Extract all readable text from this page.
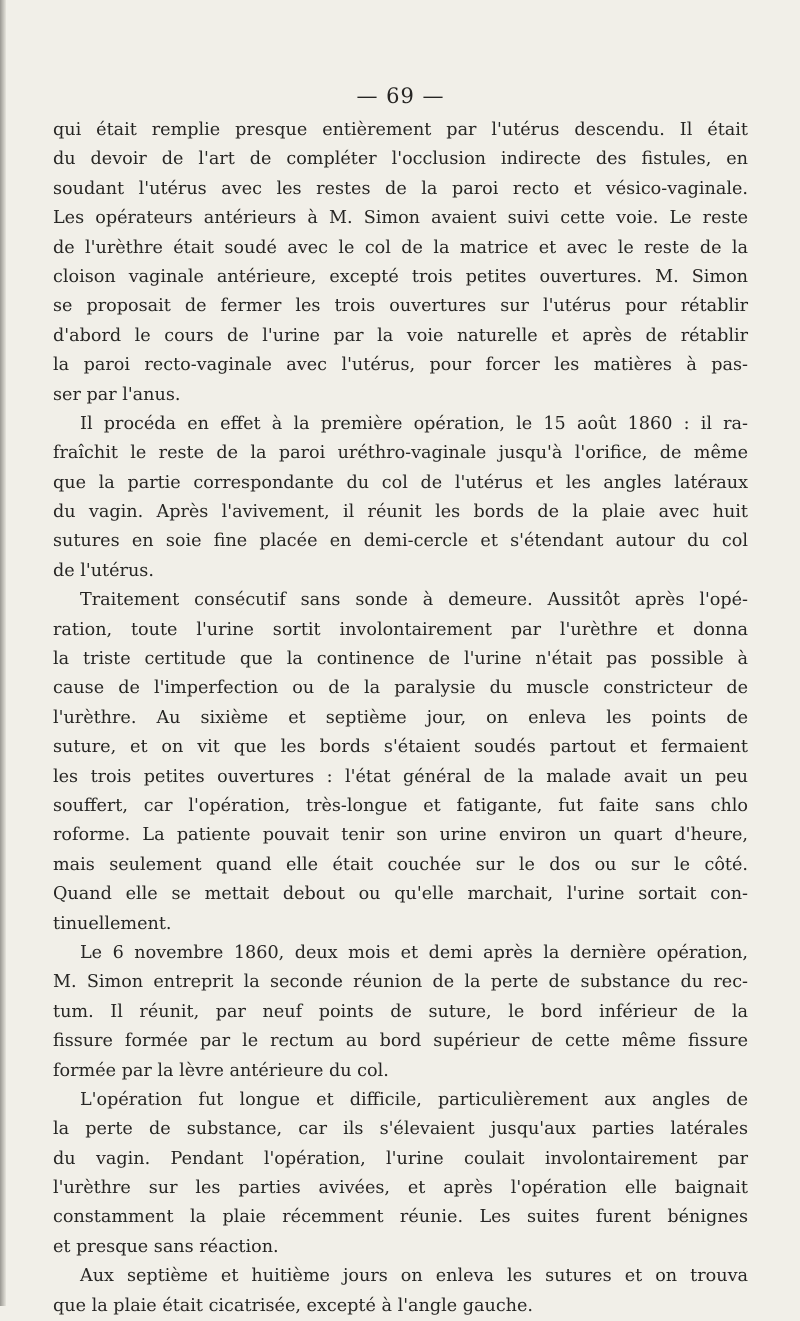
— 69 —
qui était remplie presque entièrement par l'utérus descendu. Il était
du devoir de l'art de compléter l'occlusion indirecte des fistules, en
soudant l'utérus avec les restes de la paroi recto et vésico-vaginale.
Les opérateurs antérieurs à M. Simon avaient suivi cette voie. Le reste
de l'urèthre était soudé avec le col de la matrice et avec le reste de la
cloison vaginale antérieure, excepté trois petites ouvertures. M. Simon
se proposait de fermer les trois ouvertures sur l'utérus pour rétablir
d'abord le cours de l'urine par la voie naturelle et après de rétablir
la paroi recto-vaginale avec l'utérus, pour forcer les matières à pas-
ser par l'anus.
Il procéda en effet à la première opération, le 15 août 1860 : il ra-
fraîchit le reste de la paroi uréthro-vaginale jusqu'à l'orifice, de même
que la partie correspondante du col de l'utérus et les angles latéraux
du vagin. Après l'avivement, il réunit les bords de la plaie avec huit
sutures en soie fine placée en demi-cercle et s'étendant autour du col
de l'utérus.
Traitement consécutif sans sonde à demeure. Aussitôt après l'opé-
ration, toute l'urine sortit involontairement par l'urèthre et donna
la triste certitude que la continence de l'urine n'était pas possible à
cause de l'imperfection ou de la paralysie du muscle constricteur de
l'urèthre. Au sixième et septième jour, on enleva les points de
suture, et on vit que les bords s'étaient soudés partout et fermaient
les trois petites ouvertures : l'état général de la malade avait un peu
souffert, car l'opération, très-longue et fatigante, fut faite sans chlo
roforme. La patiente pouvait tenir son urine environ un quart d'heure,
mais seulement quand elle était couchée sur le dos ou sur le côté.
Quand elle se mettait debout ou qu'elle marchait, l'urine sortait con-
tinuellement.
Le 6 novembre 1860, deux mois et demi après la dernière opération,
M. Simon entreprit la seconde réunion de la perte de substance du rec-
tum. Il réunit, par neuf points de suture, le bord inférieur de la
fissure formée par le rectum au bord supérieur de cette même fissure
formée par la lèvre antérieure du col.
L'opération fut longue et difficile, particulièrement aux angles de
la perte de substance, car ils s'élevaient jusqu'aux parties latérales
du vagin. Pendant l'opération, l'urine coulait involontairement par
l'urèthre sur les parties avivées, et après l'opération elle baignait
constamment la plaie récemment réunie. Les suites furent bénignes
et presque sans réaction.
Aux septième et huitième jours on enleva les sutures et on trouva
que la plaie était cicatrisée, excepté à l'angle gauche.
